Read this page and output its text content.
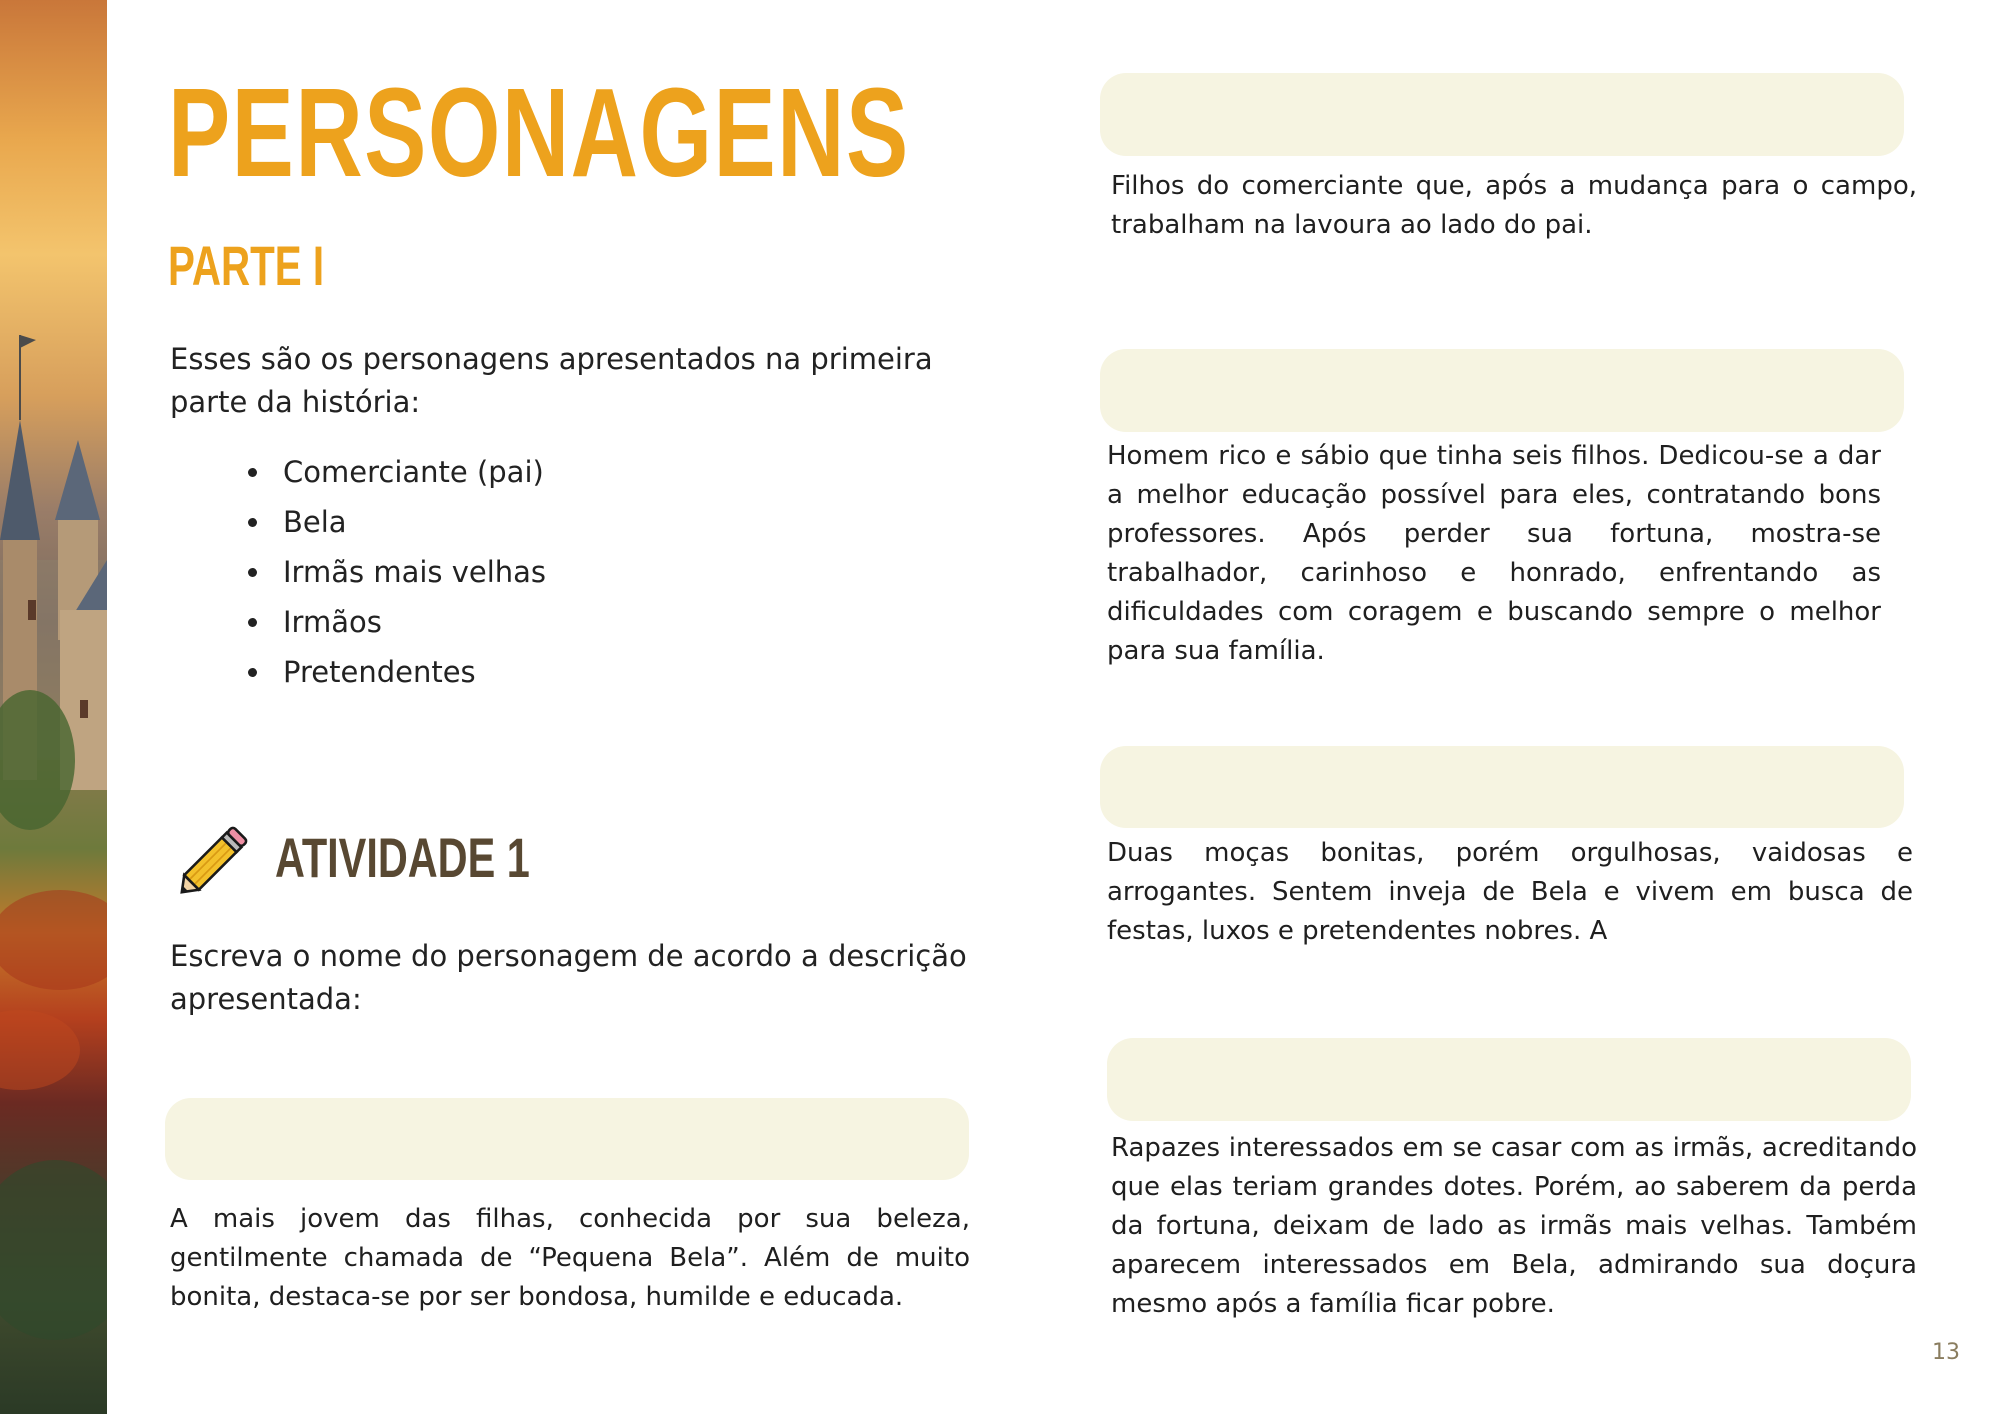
PERSONAGENS
PARTE I

Esses são os personagens apresentados na primeira parte da história:

• Comerciante (pai)
• Bela
• Irmãs mais velhas
• Irmãos
• Pretendentes
ATIVIDADE 1

Escreva o nome do personagem de acordo a descrição apresentada:

A mais jovem das filhas, conhecida por sua beleza, gentilmente chamada de “Pequena Bela”. Além de muito bonita, destaca-se por ser bondosa, humilde e educada.

Filhos do comerciante que, após a mudança para o campo, trabalham na lavoura ao lado do pai.

Homem rico e sábio que tinha seis filhos. Dedicou-se a dar a melhor educação possível para eles, contratando bons professores. Após perder sua fortuna, mostra-se trabalhador, carinhoso e honrado, enfrentando as dificuldades com coragem e buscando sempre o melhor para sua família.

Duas moças bonitas, porém orgulhosas, vaidosas e arrogantes. Sentem inveja de Bela e vivem em busca de festas, luxos e pretendentes nobres. A

Rapazes interessados em se casar com as irmãs, acreditando que elas teriam grandes dotes. Porém, ao saberem da perda da fortuna, deixam de lado as irmãs mais velhas. Também aparecem interessados em Bela, admirando sua doçura mesmo após a família ficar pobre.

13
